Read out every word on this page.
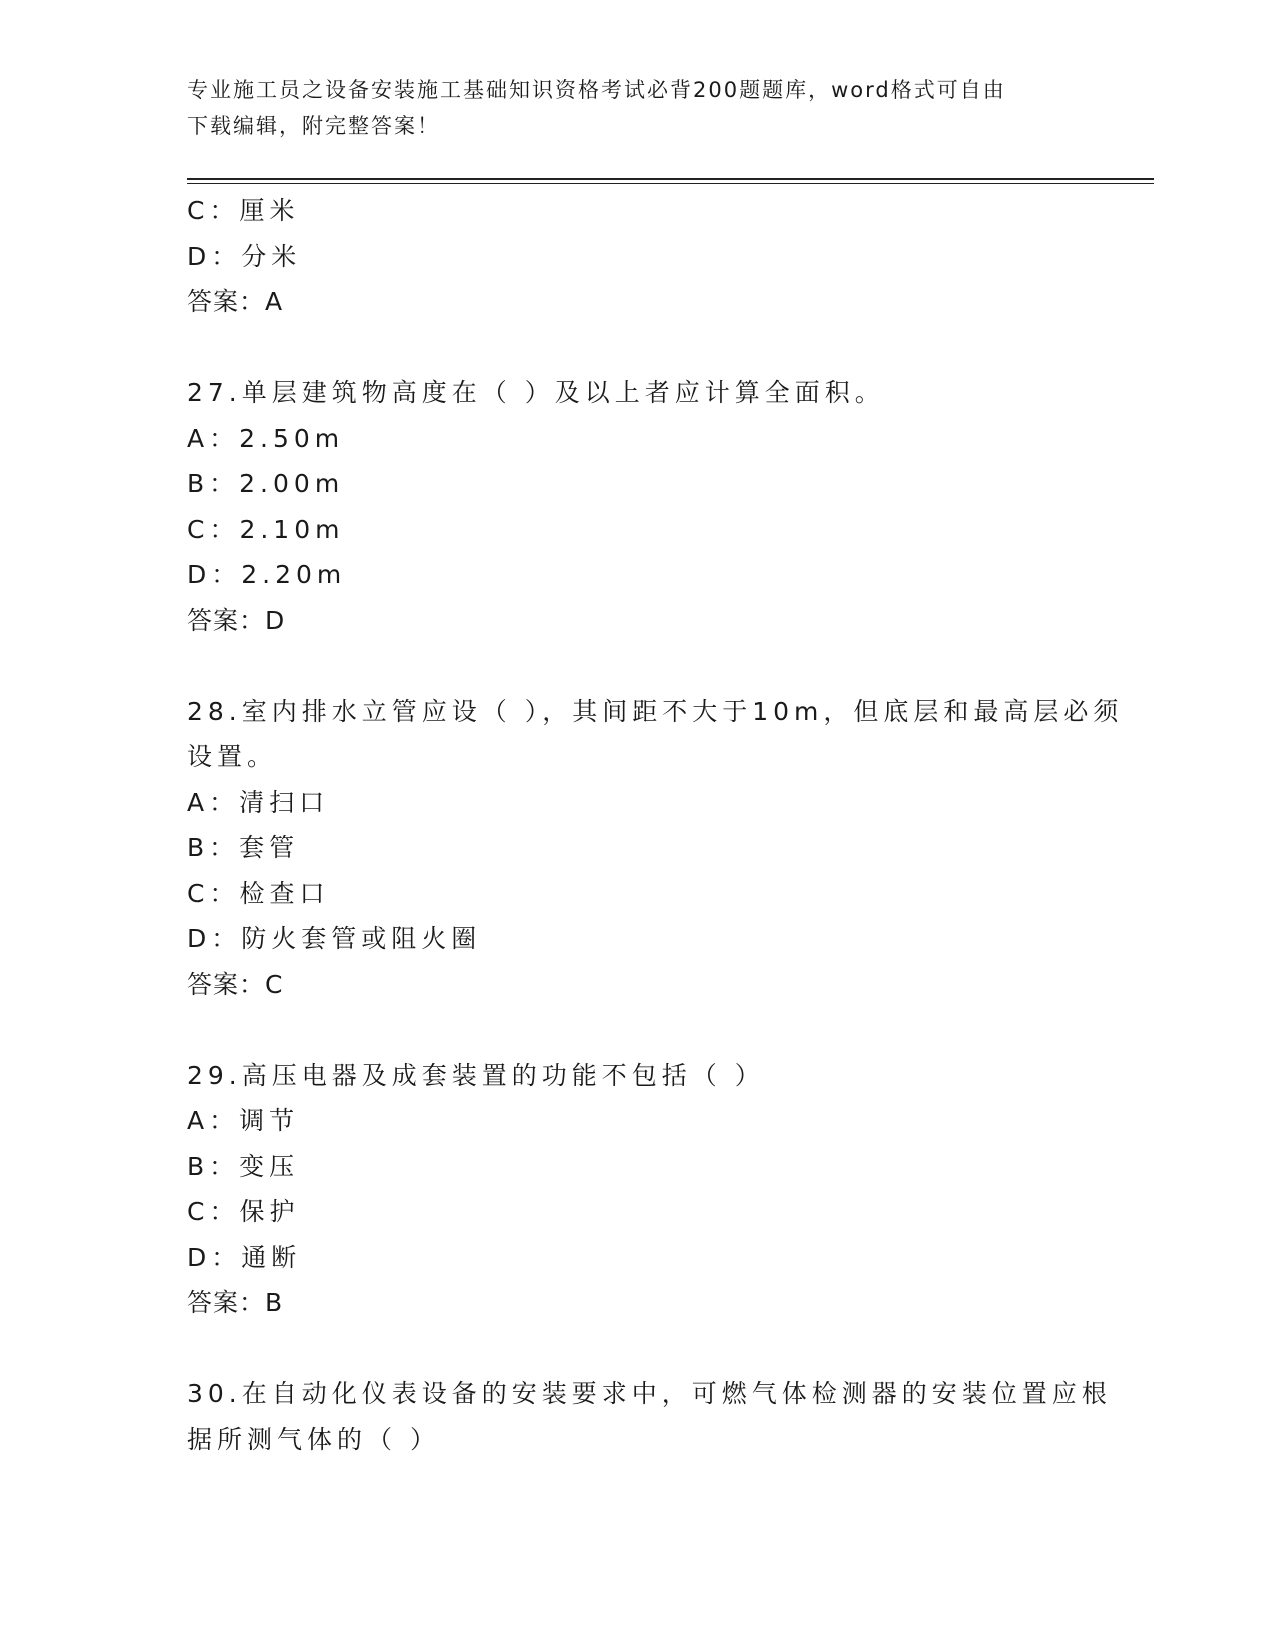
专业施工员之设备安装施工基础知识资格考试必背200题题库，word格式可自由
下载编辑，附完整答案！
C：厘米
D：分米
答案：A
27.单层建筑物高度在（ ）及以上者应计算全面积。
A：2.50m
B：2.00m
C：2.10m
D：2.20m
答案：D
28.室内排水立管应设（ ），其间距不大于10m，但底层和最高层必须
设置。
A：清扫口
B：套管
C：检查口
D：防火套管或阻火圈
答案：C
29.高压电器及成套装置的功能不包括（ ）
A：调节
B：变压
C：保护
D：通断
答案：B
30.在自动化仪表设备的安装要求中，可燃气体检测器的安装位置应根
据所测气体的（ ）
